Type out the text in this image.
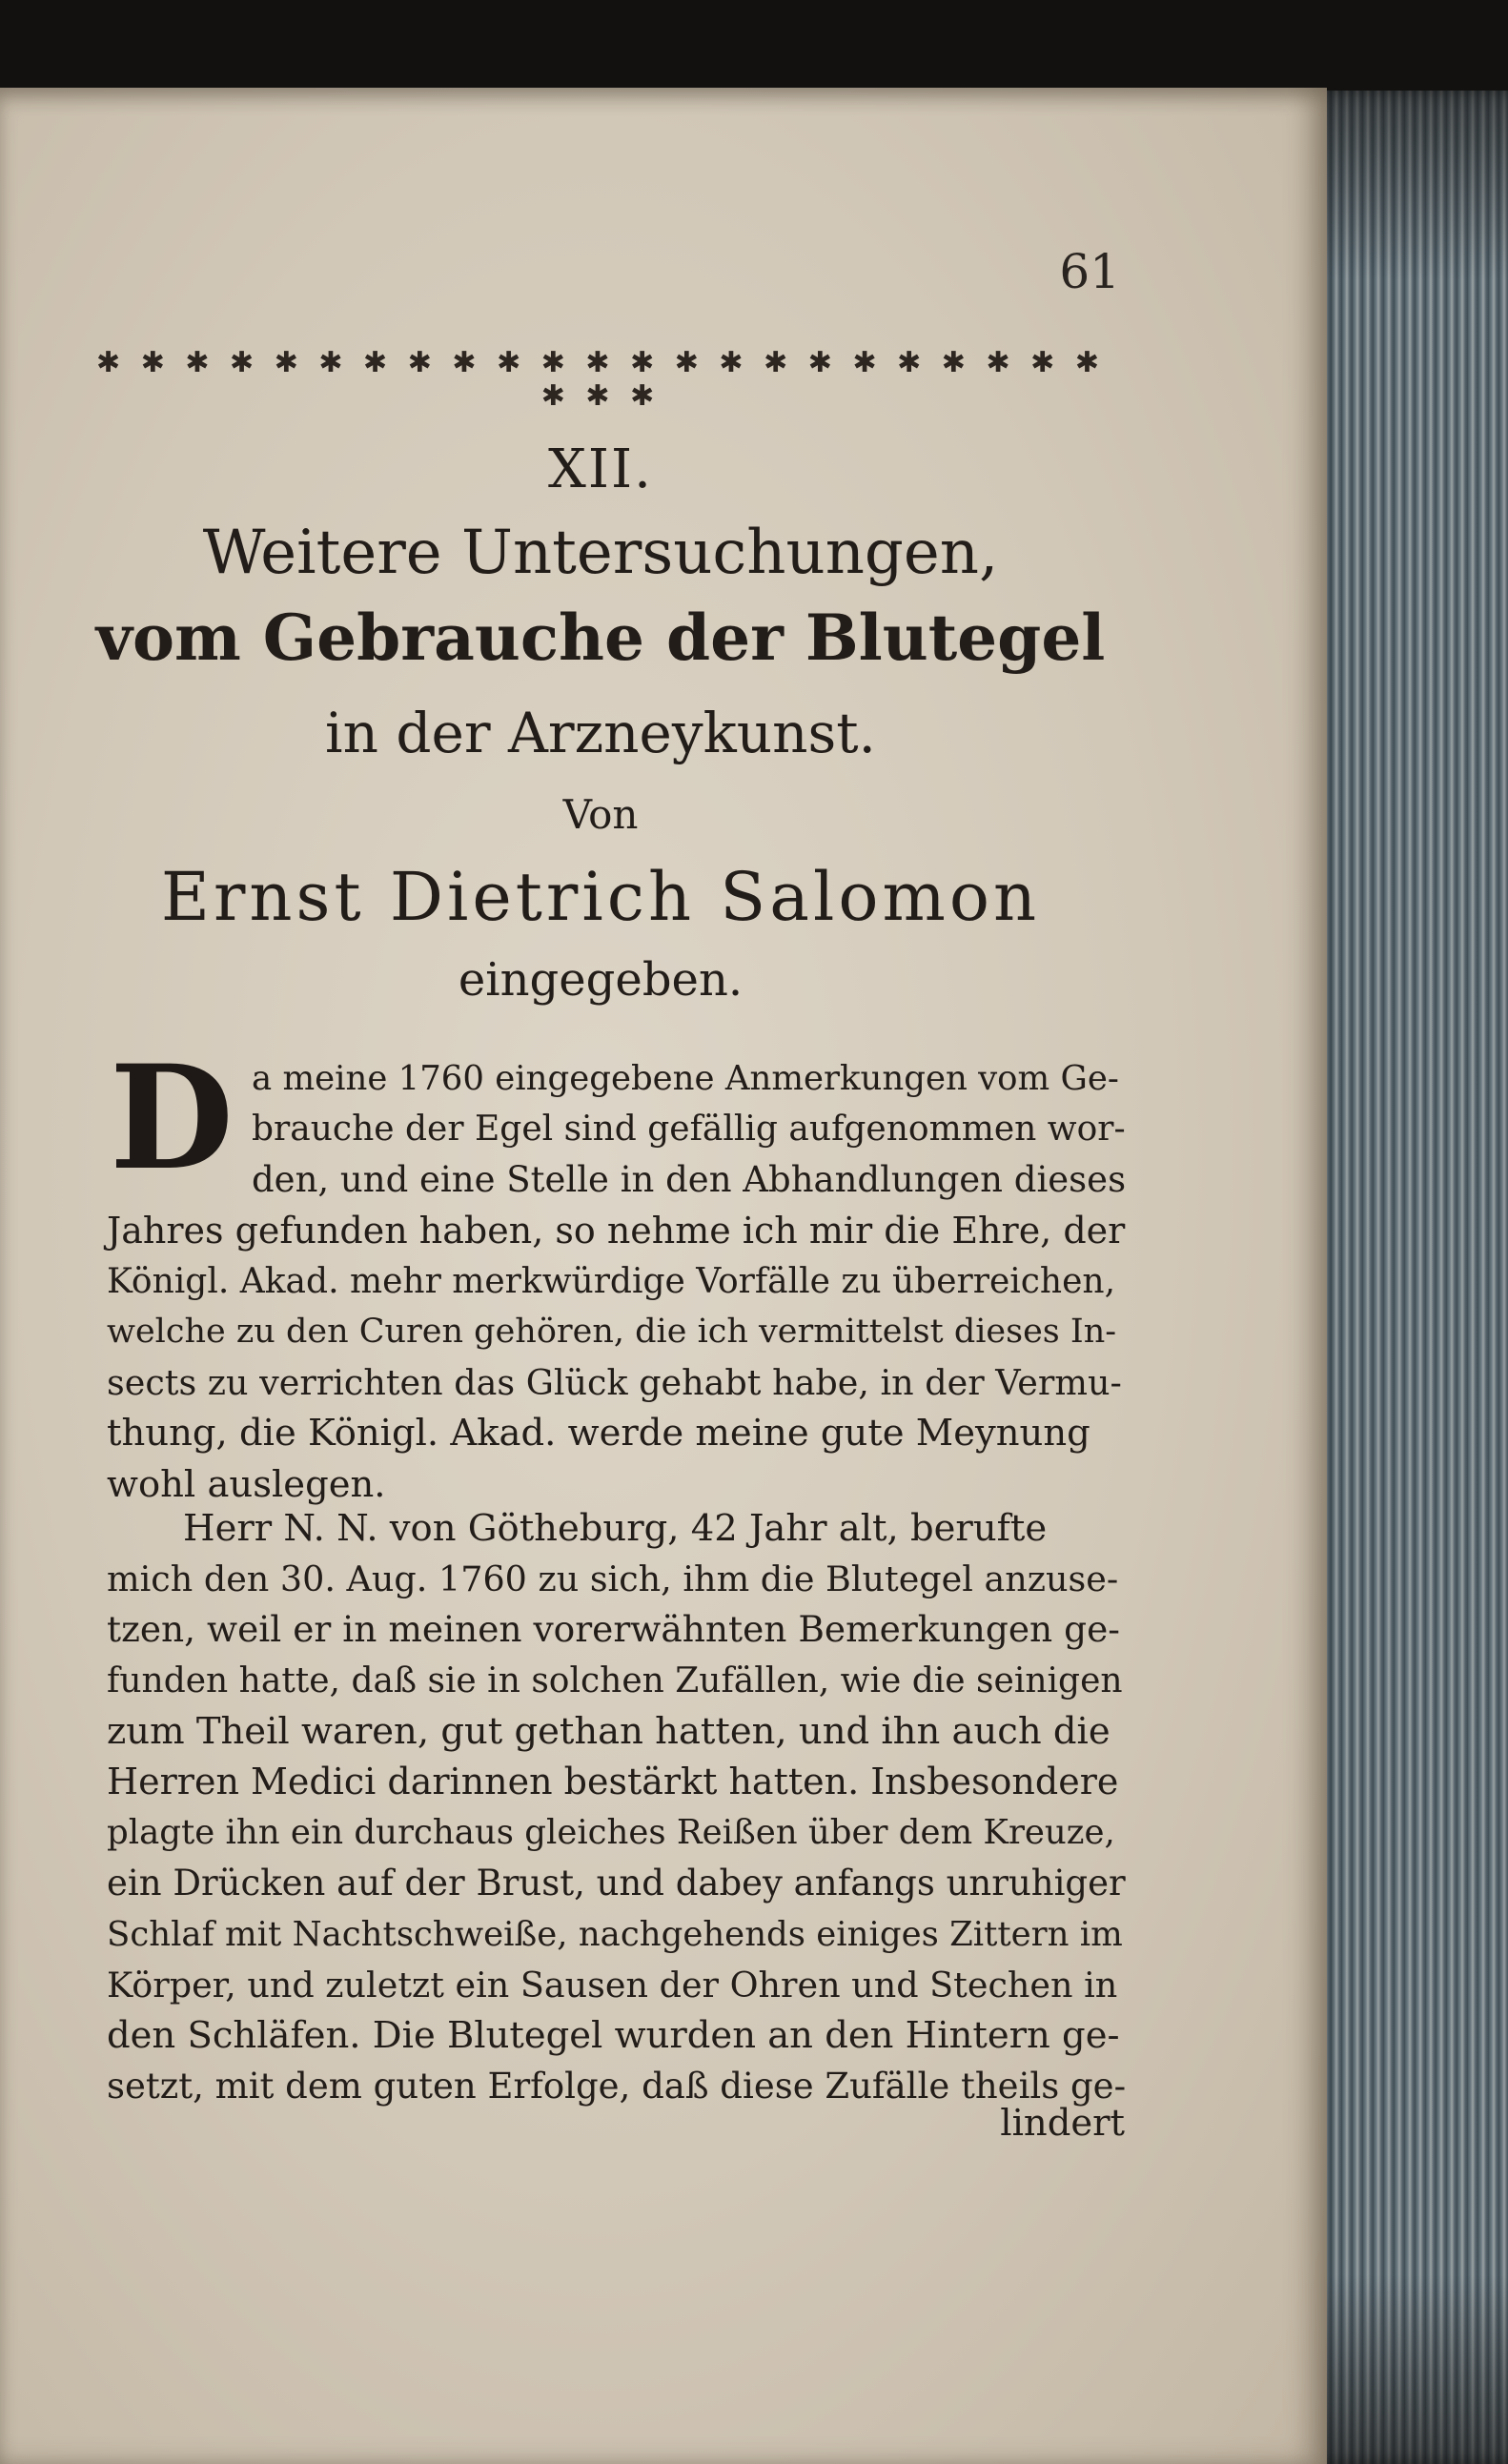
61
✱ ✱ ✱ ✱ ✱ ✱ ✱ ✱ ✱ ✱ ✱ ✱ ✱ ✱ ✱ ✱ ✱ ✱ ✱ ✱ ✱ ✱ ✱ ✱ ✱ ✱
XII.
Weitere Untersuchungen,
vom Gebrauche der Blutegel
in der Arzneykunst.
Von
Ernst Dietrich Salomon
eingegeben.
D a meine 1760 eingegebene Anmerkungen vom Ge-
brauche der Egel sind gefällig aufgenommen wor-
den, und eine Stelle in den Abhandlungen dieses
Jahres gefunden haben, so nehme ich mir die Ehre, der
Königl. Akad. mehr merkwürdige Vorfälle zu überreichen,
welche zu den Curen gehören, die ich vermittelst dieses In-
sects zu verrichten das Glück gehabt habe, in der Vermu-
thung, die Königl. Akad. werde meine gute Meynung
wohl auslegen.
Herr N. N. von Götheburg, 42 Jahr alt, berufte
mich den 30. Aug. 1760 zu sich, ihm die Blutegel anzuse-
tzen, weil er in meinen vorerwähnten Bemerkungen ge-
funden hatte, daß sie in solchen Zufällen, wie die seinigen
zum Theil waren, gut gethan hatten, und ihn auch die
Herren Medici darinnen bestärkt hatten. Insbesondere
plagte ihn ein durchaus gleiches Reißen über dem Kreuze,
ein Drücken auf der Brust, und dabey anfangs unruhiger
Schlaf mit Nachtschweiße, nachgehends einiges Zittern im
Körper, und zuletzt ein Sausen der Ohren und Stechen in
den Schläfen. Die Blutegel wurden an den Hintern ge-
setzt, mit dem guten Erfolge, daß diese Zufälle theils ge-
lindert
